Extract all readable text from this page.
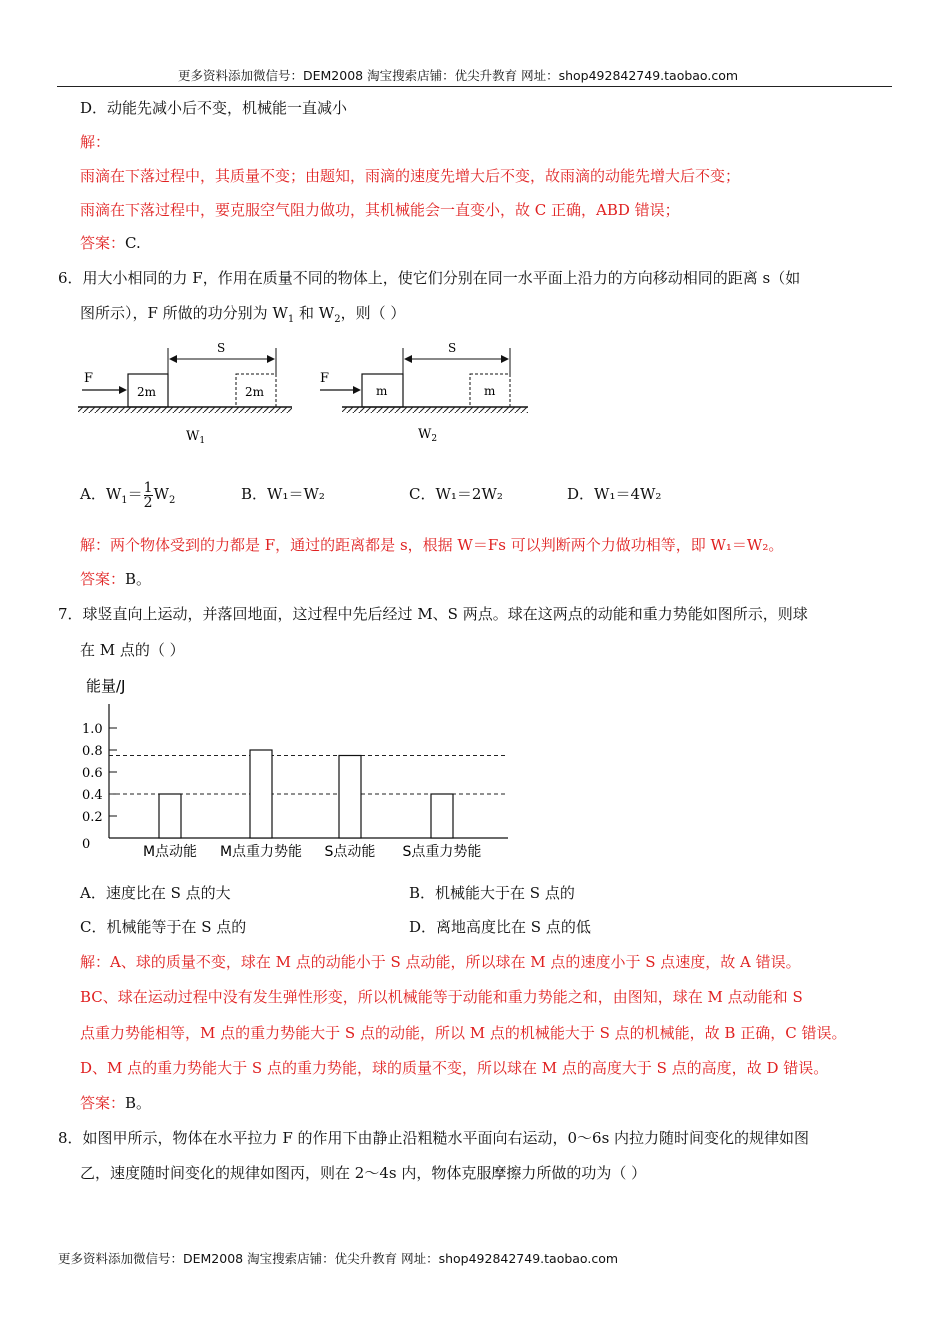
更多资料添加微信号：DEM2008 淘宝搜索店铺：优尖升教育 网址：shop492842749.taobao.com
D．动能先减小后不变，机械能一直减小
解：
雨滴在下落过程中，其质量不变；由题知，雨滴的速度先增大后不变，故雨滴的动能先增大后不变；
雨滴在下落过程中，要克服空气阻力做功，其机械能会一直变小，故 C 正确，ABD 错误；
答案：C.
6．用大小相同的力 F，作用在质量不同的物体上，使它们分别在同一水平面上沿力的方向移动相同的距离 s（如
图所示），F 所做的功分别为 $W_1$ 和 $W_2$，则（ ）
F
2m	2m
S
$W_1$
F
m	m
S
$W_2$
A．$W_1= \frac{1}{2} W_2$	B．W₁＝W₂	C．W₁＝2W₂	D．W₁＝4W₂
解：两个物体受到的力都是 F，通过的距离都是 s，根据 W＝Fs 可以判断两个力做功相等，即 W₁＝W₂。
答案：B。
7．球竖直向上运动，并落回地面，这过程中先后经过 M、S 两点。球在这两点的动能和重力势能如图所示，则球
在 M 点的（ ）
能量/J
0
0.2
0.4
0.6
0.8
1.0
M点动能 M点重力势能 S点动能 S点重力势能
A．速度比在 S 点的大	B．机械能大于在 S 点的
C．机械能等于在 S 点的	D．离地高度比在 S 点的低
解：A、球的质量不变，球在 M 点的动能小于 S 点动能，所以球在 M 点的速度小于 S 点速度，故 A 错误。
BC、球在运动过程中没有发生弹性形变，所以机械能等于动能和重力势能之和，由图知，球在 M 点动能和 S
点重力势能相等，M 点的重力势能大于 S 点的动能，所以 M 点的机械能大于 S 点的机械能，故 B 正确，C 错误。
D、M 点的重力势能大于 S 点的重力势能，球的质量不变，所以球在 M 点的高度大于 S 点的高度，故 D 错误。
答案：B。
8．如图甲所示，物体在水平拉力 F 的作用下由静止沿粗糙水平面向右运动，0～6s 内拉力随时间变化的规律如图
乙，速度随时间变化的规律如图丙，则在 2～4s 内，物体克服摩擦力所做的功为（ ）
更多资料添加微信号：DEM2008 淘宝搜索店铺：优尖升教育 网址：shop492842749.taobao.com
